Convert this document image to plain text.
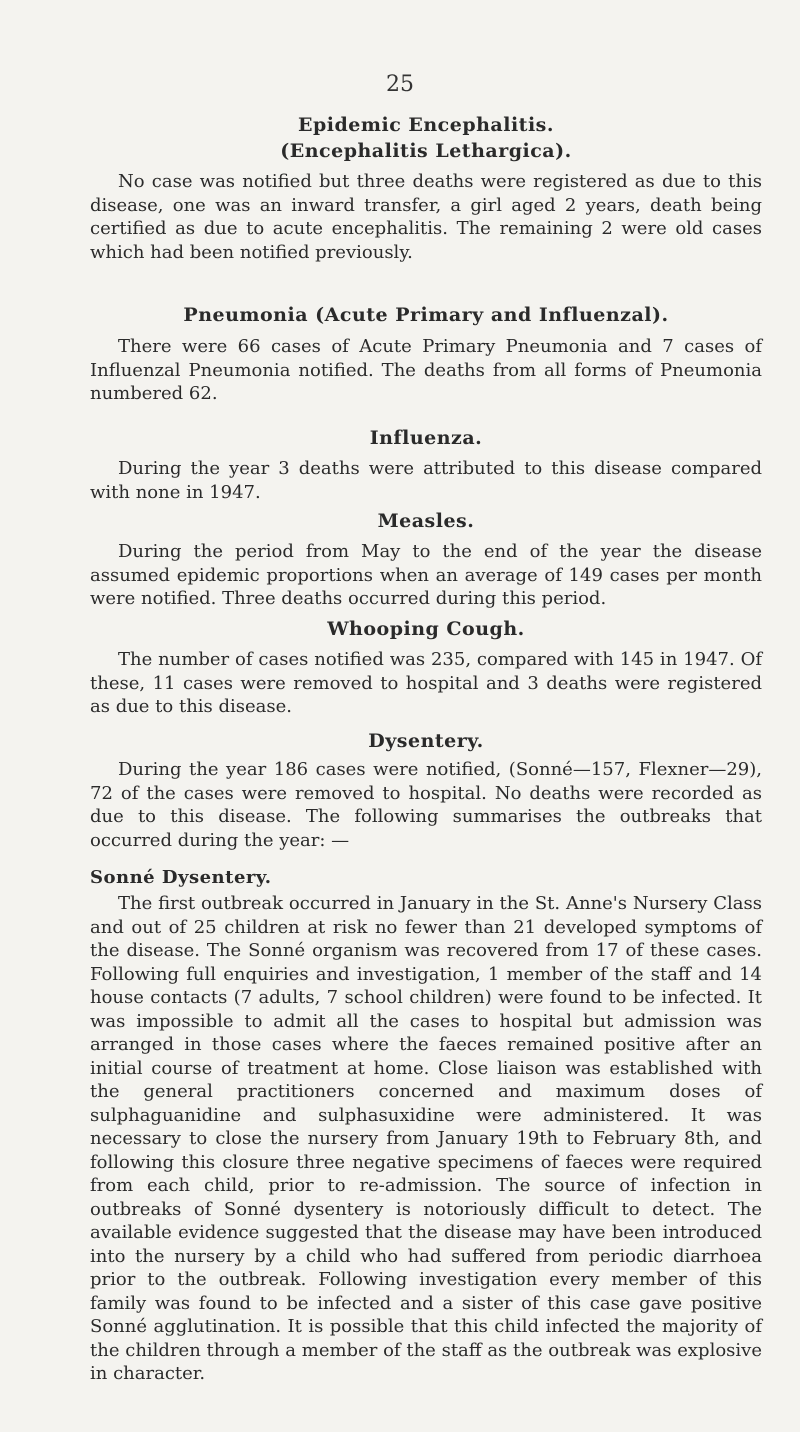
25

Epidemic Encephalitis.

(Encephalitis Lethargica).

No case was notified but three deaths were registered as due to this disease, one was an inward transfer, a girl aged 2 years, death being certified as due to acute encephalitis. The remaining 2 were old cases which had been notified previously.

Pneumonia (Acute Primary and Influenzal).

There were 66 cases of Acute Primary Pneumonia and 7 cases of Influenzal Pneumonia notified. The deaths from all forms of Pneumonia numbered 62.

Influenza.

During the year 3 deaths were attributed to this disease compared with none in 1947.

Measles.

During the period from May to the end of the year the disease assumed epidemic proportions when an average of 149 cases per month were notified. Three deaths occurred during this period.

Whooping Cough.

The number of cases notified was 235, compared with 145 in 1947. Of these, 11 cases were removed to hospital and 3 deaths were registered as due to this disease.

Dysentery.

During the year 186 cases were notified, (Sonné—157, Flexner—29), 72 of the cases were removed to hospital. No deaths were recorded as due to this disease. The following summarises the outbreaks that occurred during the year: —

Sonné Dysentery.

The first outbreak occurred in January in the St. Anne's Nursery Class and out of 25 children at risk no fewer than 21 developed symptoms of the disease. The Sonné organism was recovered from 17 of these cases. Following full enquiries and investigation, 1 member of the staff and 14 house contacts (7 adults, 7 school children) were found to be infected. It was impossible to admit all the cases to hospital but admission was arranged in those cases where the faeces remained positive after an initial course of treatment at home. Close liaison was established with the general practitioners concerned and maximum doses of sulphaguanidine and sulphasuxidine were administered. It was necessary to close the nursery from January 19th to February 8th, and following this closure three negative specimens of faeces were required from each child, prior to re-admission. The source of infection in outbreaks of Sonné dysentery is notoriously difficult to detect. The available evidence suggested that the disease may have been introduced into the nursery by a child who had suffered from periodic diarrhoea prior to the outbreak. Following investigation every member of this family was found to be infected and a sister of this case gave positive Sonné agglutination. It is possible that this child infected the majority of the children through a member of the staff as the outbreak was explosive in character.
